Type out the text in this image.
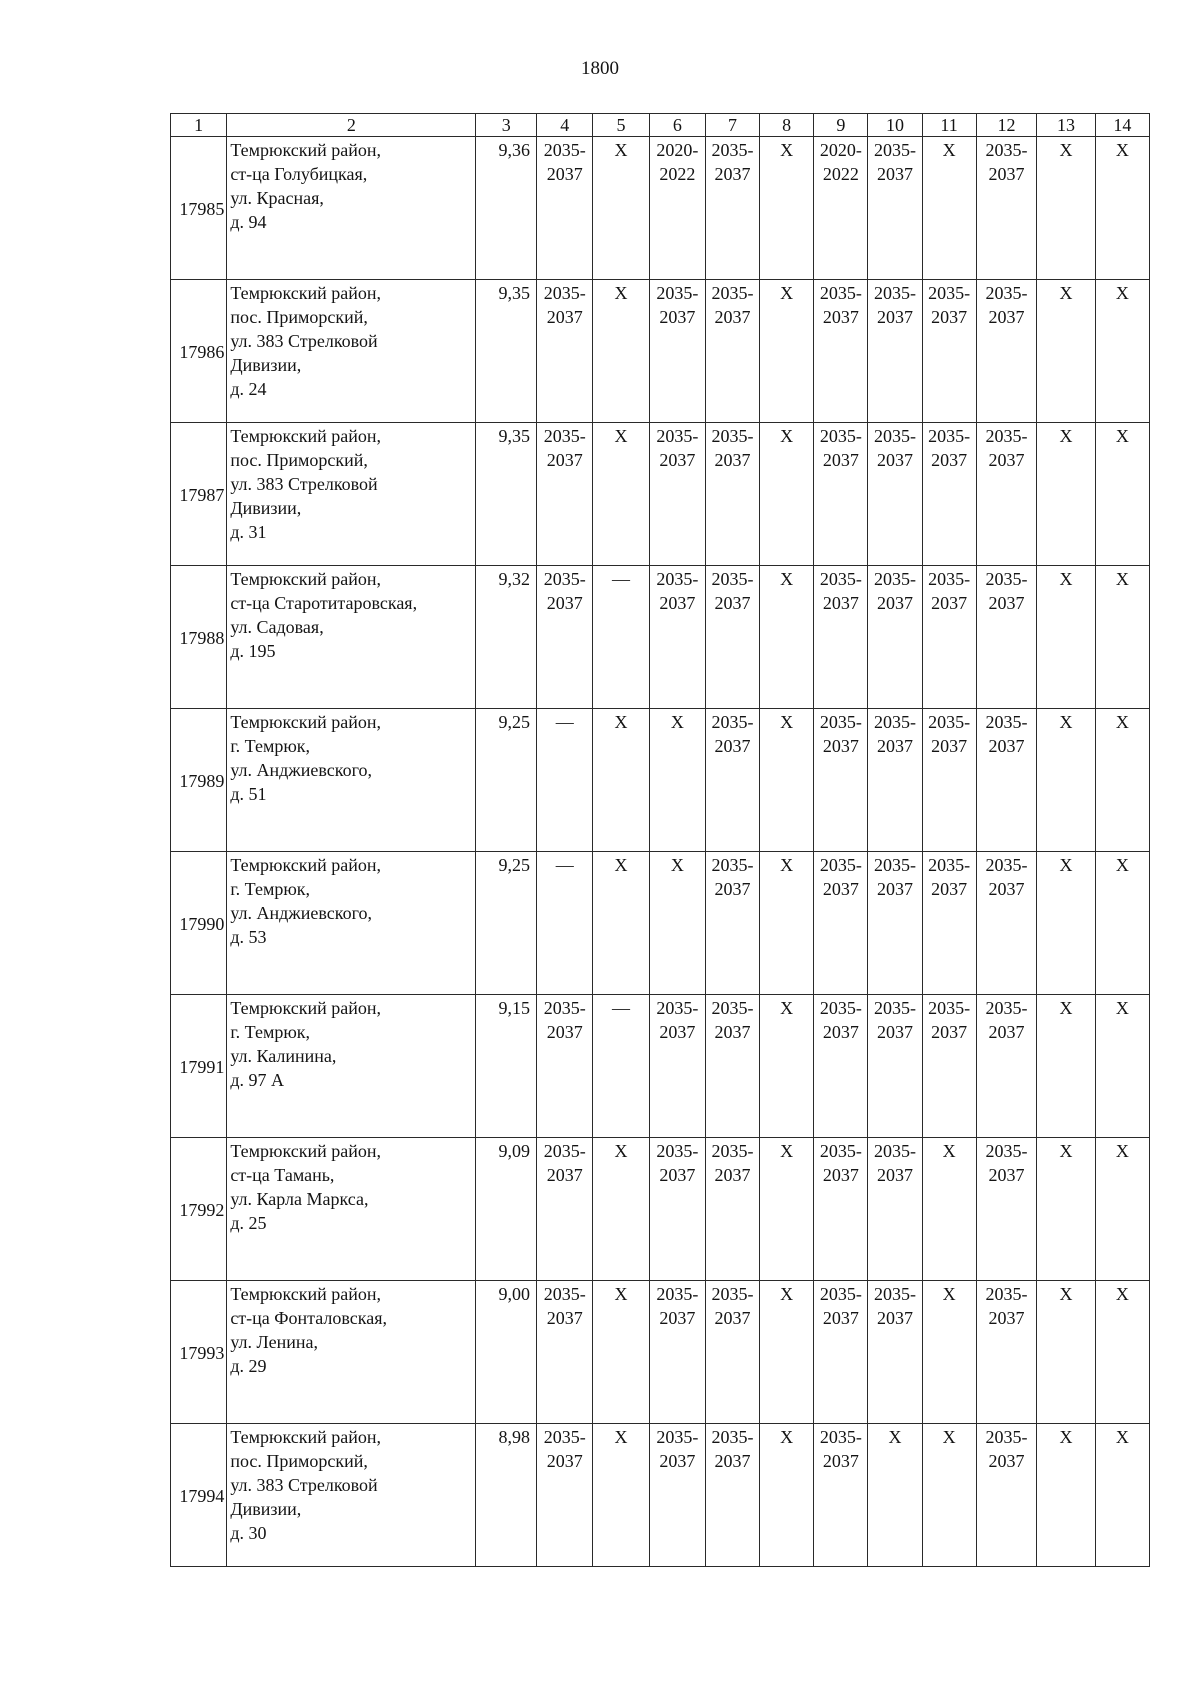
1800
1	2	3	4	5	6	7	8	9	10	11	12	13	14
17985	Темрюкский район,
ст-ца Голубицкая,
ул. Красная,
д. 94	9,36	2035-
2037	X	2020-
2022	2035-
2037	X	2020-
2022	2035-
2037	X	2035-
2037	X	X

17986	Темрюкский район,
пос. Приморский,
ул. 383 Стрелковой
Дивизии,
д. 24	9,35	2035-
2037	X	2035-
2037	2035-
2037	X	2035-
2037	2035-
2037	2035-
2037	2035-
2037	X	X

17987	Темрюкский район,
пос. Приморский,
ул. 383 Стрелковой
Дивизии,
д. 31	9,35	2035-
2037	X	2035-
2037	2035-
2037	X	2035-
2037	2035-
2037	2035-
2037	2035-
2037	X	X

17988	Темрюкский район,
ст-ца Старотитаровская,
ул. Садовая,
д. 195	9,32	2035-
2037	—	2035-
2037	2035-
2037	X	2035-
2037	2035-
2037	2035-
2037	2035-
2037	X	X

17989	Темрюкский район,
г. Темрюк,
ул. Анджиевского,
д. 51	9,25	—	X	X	2035-
2037	X	2035-
2037	2035-
2037	2035-
2037	2035-
2037	X	X

17990	Темрюкский район,
г. Темрюк,
ул. Анджиевского,
д. 53	9,25	—	X	X	2035-
2037	X	2035-
2037	2035-
2037	2035-
2037	2035-
2037	X	X

17991	Темрюкский район,
г. Темрюк,
ул. Калинина,
д. 97 А	9,15	2035-
2037	—	2035-
2037	2035-
2037	X	2035-
2037	2035-
2037	2035-
2037	2035-
2037	X	X

17992	Темрюкский район,
ст-ца Тамань,
ул. Карла Маркса,
д. 25	9,09	2035-
2037	X	2035-
2037	2035-
2037	X	2035-
2037	2035-
2037	X	2035-
2037	X	X

17993	Темрюкский район,
ст-ца Фонталовская,
ул. Ленина,
д. 29	9,00	2035-
2037	X	2035-
2037	2035-
2037	X	2035-
2037	2035-
2037	X	2035-
2037	X	X

17994	Темрюкский район,
пос. Приморский,
ул. 383 Стрелковой
Дивизии,
д. 30	8,98	2035-
2037	X	2035-
2037	2035-
2037	X	2035-
2037	X	X	2035-
2037	X	X
